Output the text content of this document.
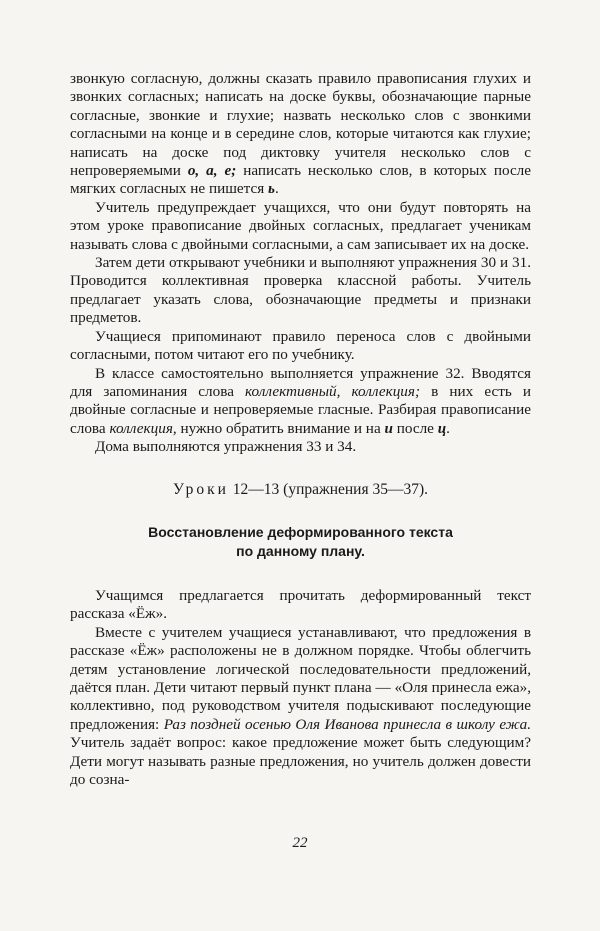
звонкую согласную, должны сказать правило правописания глухих и звонких согласных; написать на доске буквы, обозначающие парные согласные, звонкие и глухие; назвать несколько слов с звонкими согласными на конце и в середине слов, которые читаются как глухие; написать на доске под диктовку учителя несколько слов с непроверяемыми о, а, е; написать несколько слов, в которых после мягких согласных не пишется ь.

Учитель предупреждает учащихся, что они будут повторять на этом уроке правописание двойных согласных, предлагает ученикам называть слова с двойными согласными, а сам записывает их на доске.

Затем дети открывают учебники и выполняют упражнения 30 и 31. Проводится коллективная проверка классной работы. Учитель предлагает указать слова, обозначающие предметы и признаки предметов.

Учащиеся припоминают правило переноса слов с двойными согласными, потом читают его по учебнику.

В классе самостоятельно выполняется упражнение 32. Вводятся для запоминания слова коллективный, коллекция; в них есть и двойные согласные и непроверяемые гласные. Разбирая правописание слова коллекция, нужно обратить внимание и на и после ц.

Дома выполняются упражнения 33 и 34.

Уроки 12—13 (упражнения 35—37).

Восстановление деформированного текста
по данному плану.

Учащимся предлагается прочитать деформированный текст рассказа «Ёж».

Вместе с учителем учащиеся устанавливают, что предложения в рассказе «Ёж» расположены не в должном порядке. Чтобы облегчить детям установление логической последовательности предложений, даётся план. Дети читают первый пункт плана — «Оля принесла ежа», коллективно, под руководством учителя подыскивают последующие предложения: Раз поздней осенью Оля Иванова принесла в школу ежа. Учитель задаёт вопрос: какое предложение может быть следующим? Дети могут называть разные предложения, но учитель должен довести до созна-

22
